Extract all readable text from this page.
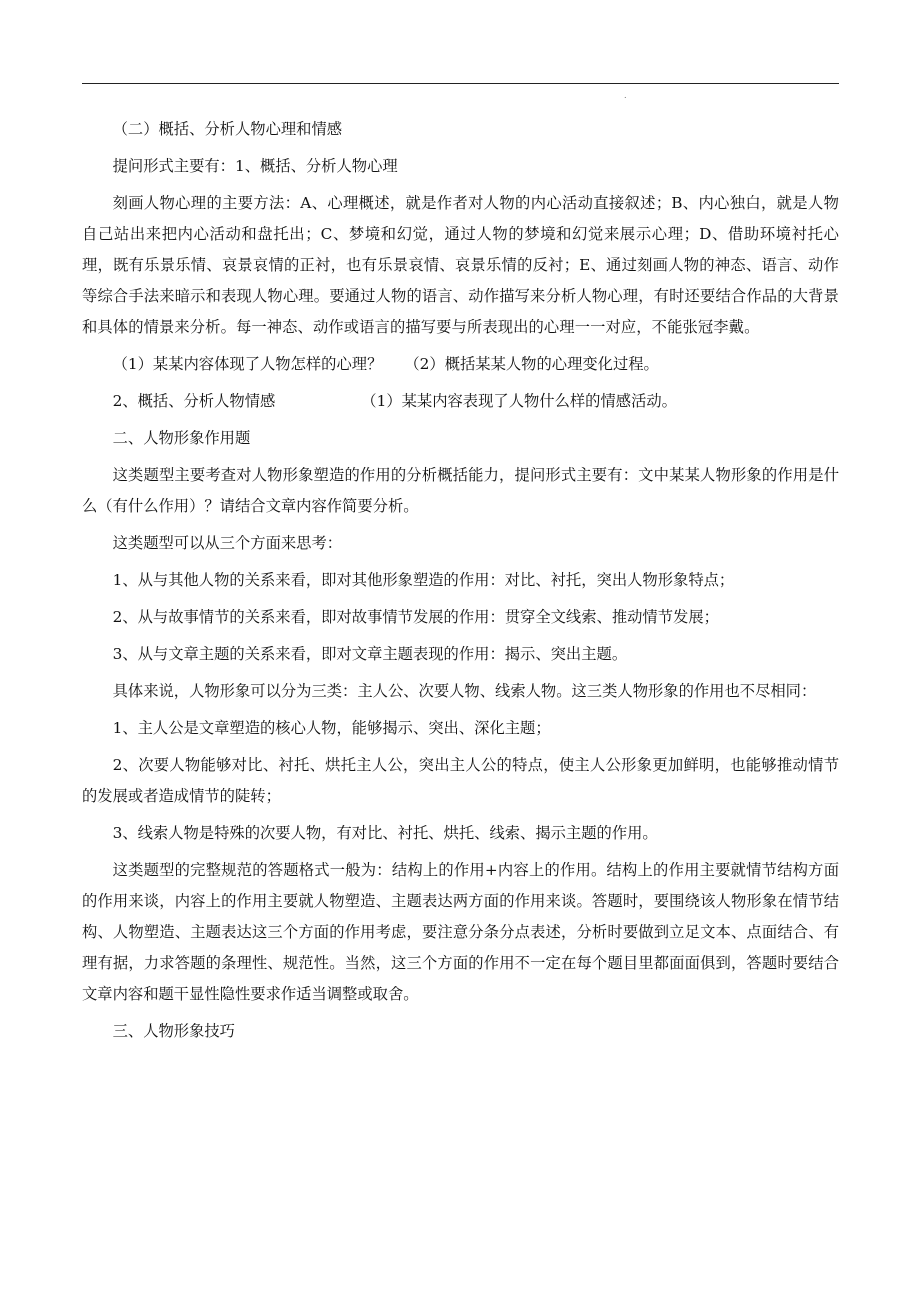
.

（二）概括、分析人物心理和情感

提问形式主要有：1、概括、分析人物心理

刻画人物心理的主要方法：A、心理概述，就是作者对人物的内心活动直接叙述；B、内心独白，就是人物自己站出来把内心活动和盘托出；C、梦境和幻觉，通过人物的梦境和幻觉来展示心理；D、借助环境衬托心理，既有乐景乐情、哀景哀情的正衬，也有乐景哀情、哀景乐情的反衬；E、通过刻画人物的神态、语言、动作等综合手法来暗示和表现人物心理。要通过人物的语言、动作描写来分析人物心理，有时还要结合作品的大背景和具体的情景来分析。每一神态、动作或语言的描写要与所表现出的心理一一对应，不能张冠李戴。

（1）某某内容体现了人物怎样的心理？ （2）概括某某人物的心理变化过程。

2、概括、分析人物情感	（1）某某内容表现了人物什么样的情感活动。

二、人物形象作用题

这类题型主要考查对人物形象塑造的作用的分析概括能力，提问形式主要有：文中某某人物形象的作用是什么（有什么作用）？请结合文章内容作简要分析。

这类题型可以从三个方面来思考：

1、从与其他人物的关系来看，即对其他形象塑造的作用：对比、衬托，突出人物形象特点；

2、从与故事情节的关系来看，即对故事情节发展的作用：贯穿全文线索、推动情节发展；

3、从与文章主题的关系来看，即对文章主题表现的作用：揭示、突出主题。

具体来说，人物形象可以分为三类：主人公、次要人物、线索人物。这三类人物形象的作用也不尽相同：

1、主人公是文章塑造的核心人物，能够揭示、突出、深化主题；

2、次要人物能够对比、衬托、烘托主人公，突出主人公的特点，使主人公形象更加鲜明，也能够推动情节的发展或者造成情节的陡转；

3、线索人物是特殊的次要人物，有对比、衬托、烘托、线索、揭示主题的作用。

这类题型的完整规范的答题格式一般为：结构上的作用+内容上的作用。结构上的作用主要就情节结构方面的作用来谈，内容上的作用主要就人物塑造、主题表达两方面的作用来谈。答题时，要围绕该人物形象在情节结构、人物塑造、主题表达这三个方面的作用考虑，要注意分条分点表述，分析时要做到立足文本、点面结合、有理有据，力求答题的条理性、规范性。当然，这三个方面的作用不一定在每个题目里都面面俱到，答题时要结合文章内容和题干显性隐性要求作适当调整或取舍。

三、人物形象技巧
